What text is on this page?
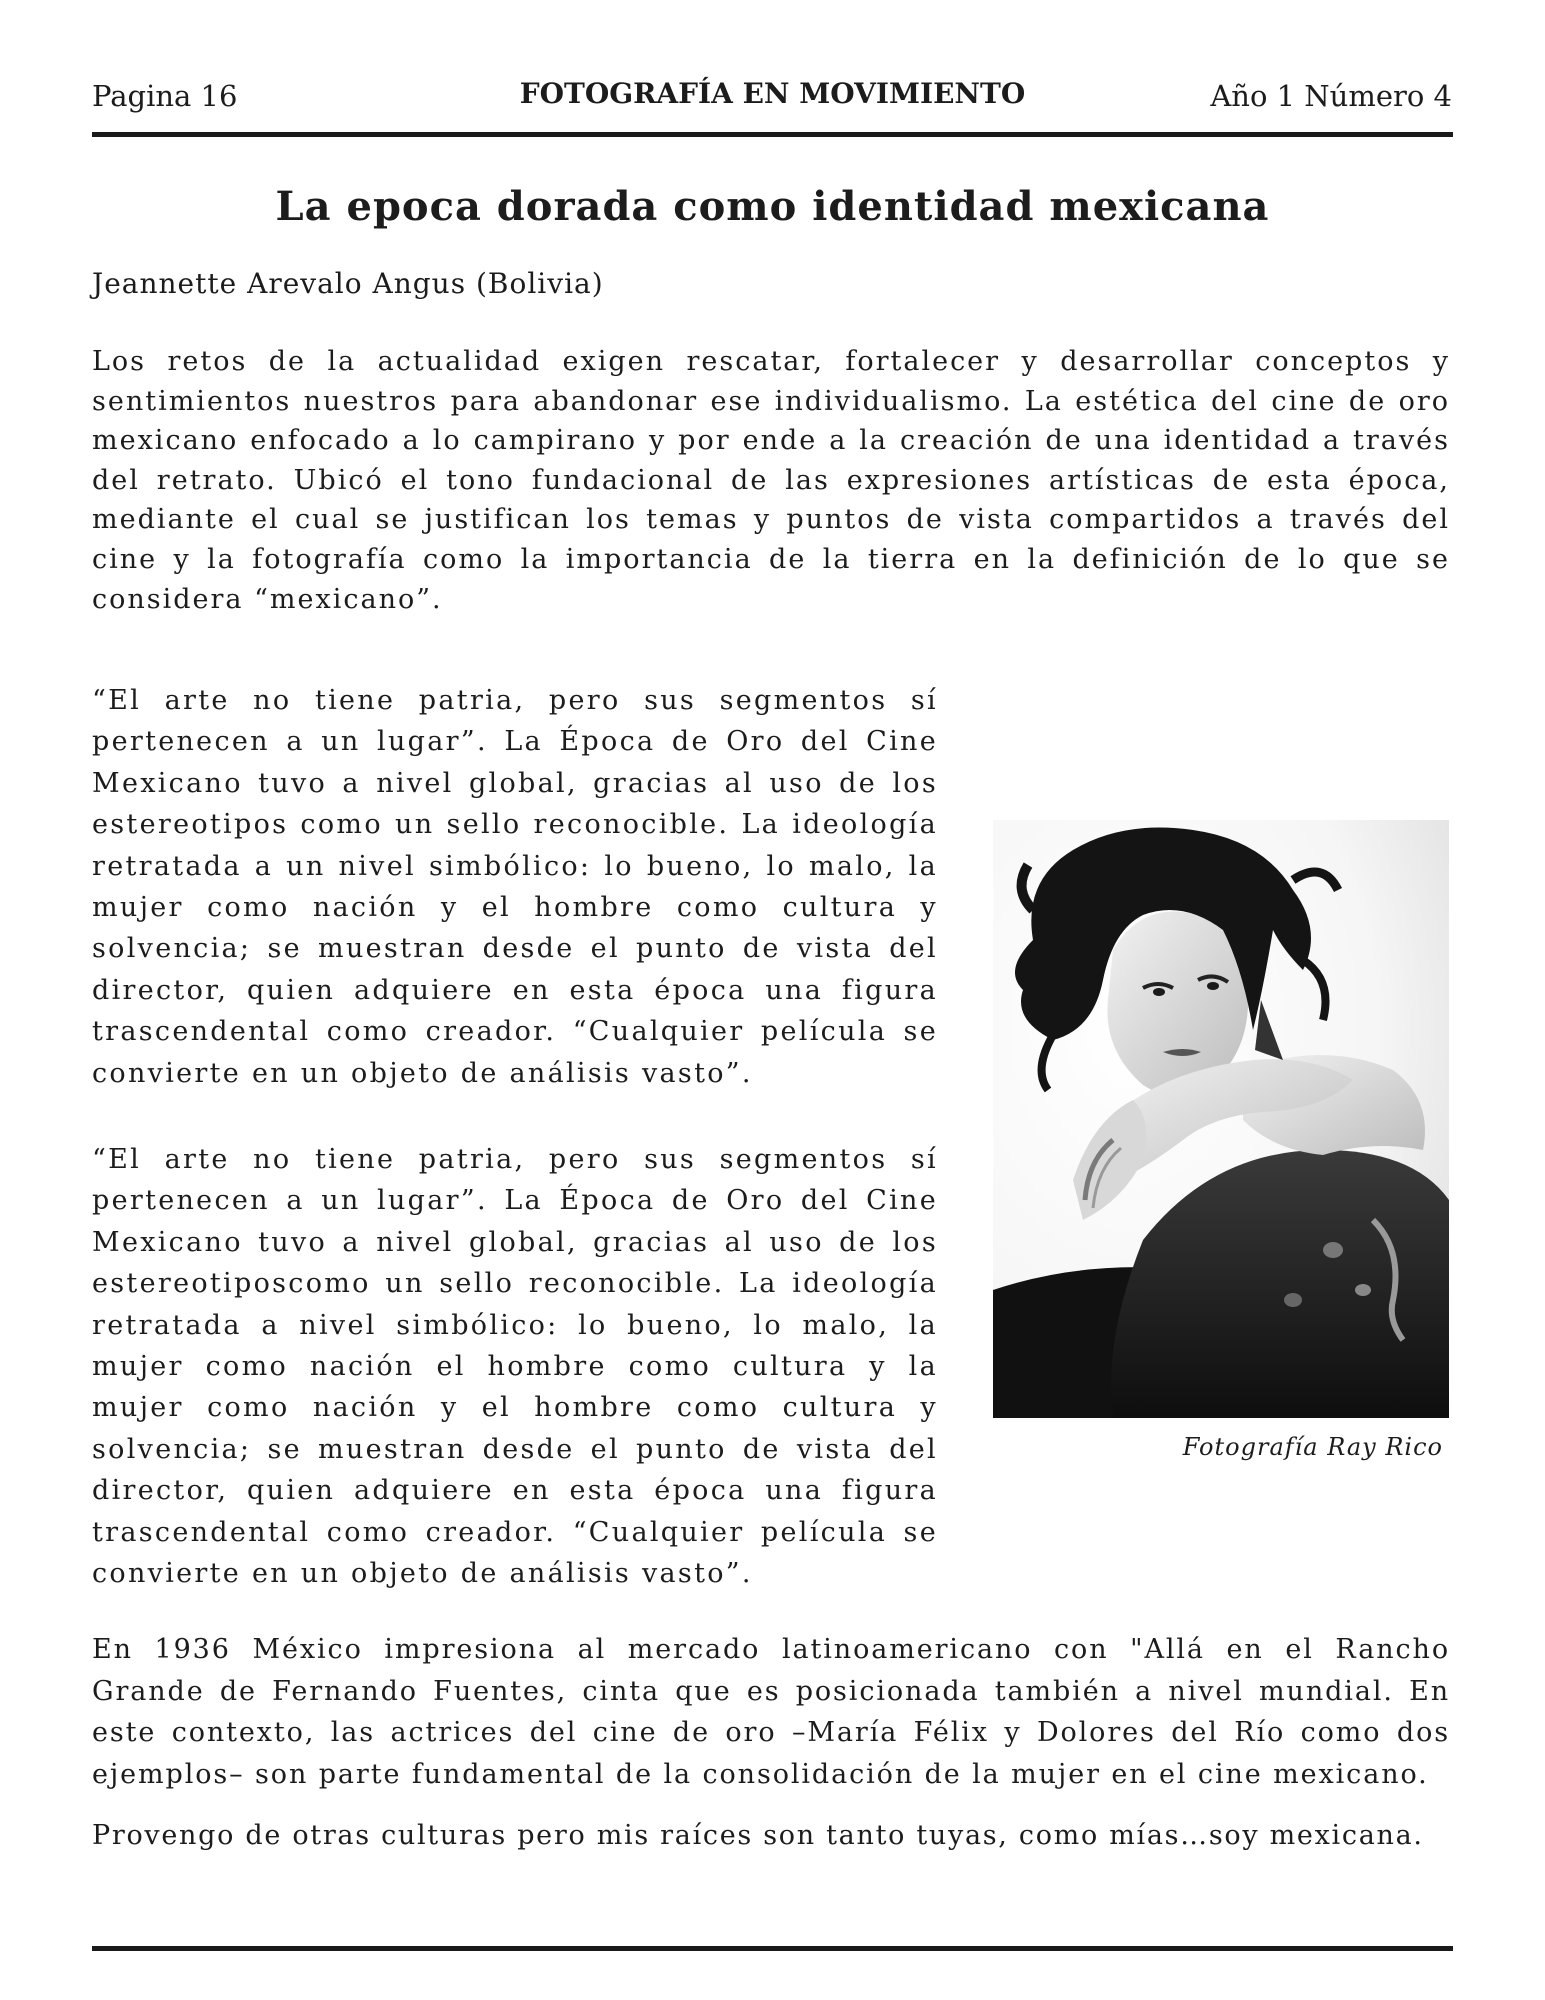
Pagina 16	FOTOGRAFÍA EN MOVIMIENTO	Año 1 Número 4
La epoca dorada como identidad mexicana
Jeannette Arevalo Angus (Bolivia)

Los retos de la actualidad exigen rescatar, fortalecer y desarrollar conceptos y sentimientos nuestros para abandonar ese individualismo. La estética del cine de oro mexicano enfocado a lo campirano y por ende a la creación de una identidad a través del retrato. Ubicó el tono fundacional de las expresiones artísticas de esta época, mediante el cual se justifican los temas y puntos de vista compartidos a través del cine y la fotografía como la importancia de la tierra en la definición de lo que se considera “mexicano”.

“El arte no tiene patria, pero sus segmentos sí pertenecen a un lugar”. La Época de Oro del Cine Mexicano tuvo a nivel global, gracias al uso de los estereotipos como un sello reconocible. La ideología retratada a un nivel simbólico: lo bueno, lo malo, la mujer como nación y el hombre como cultura y solvencia; se muestran desde el punto de vista del director, quien adquiere en esta época una figura trascendental como creador. “Cualquier película se convierte en un objeto de análisis vasto”.

“El arte no tiene patria, pero sus segmentos sí pertenecen a un lugar”. La Época de Oro del Cine Mexicano tuvo a nivel global, gracias al uso de los estereotiposcomo un sello reconocible. La ideología retratada a nivel simbólico: lo bueno, lo malo, la mujer como nación el hombre como cultura y la mujer como nación y el hombre como cultura y solvencia; se muestran desde el punto de vista del director, quien adquiere en esta época una figura trascendental como creador. “Cualquier película se convierte en un objeto de análisis vasto”.

Fotografía Ray Rico

En 1936 México impresiona al mercado latinoamericano con "Allá en el Rancho Grande de Fernando Fuentes, cinta que es posicionada también a nivel mundial. En este contexto, las actrices del cine de oro –María Félix y Dolores del Río como dos ejemplos– son parte fundamental de la consolidación de la mujer en el cine mexicano.

Provengo de otras culturas pero mis raíces son tanto tuyas, como mías…soy mexicana.
